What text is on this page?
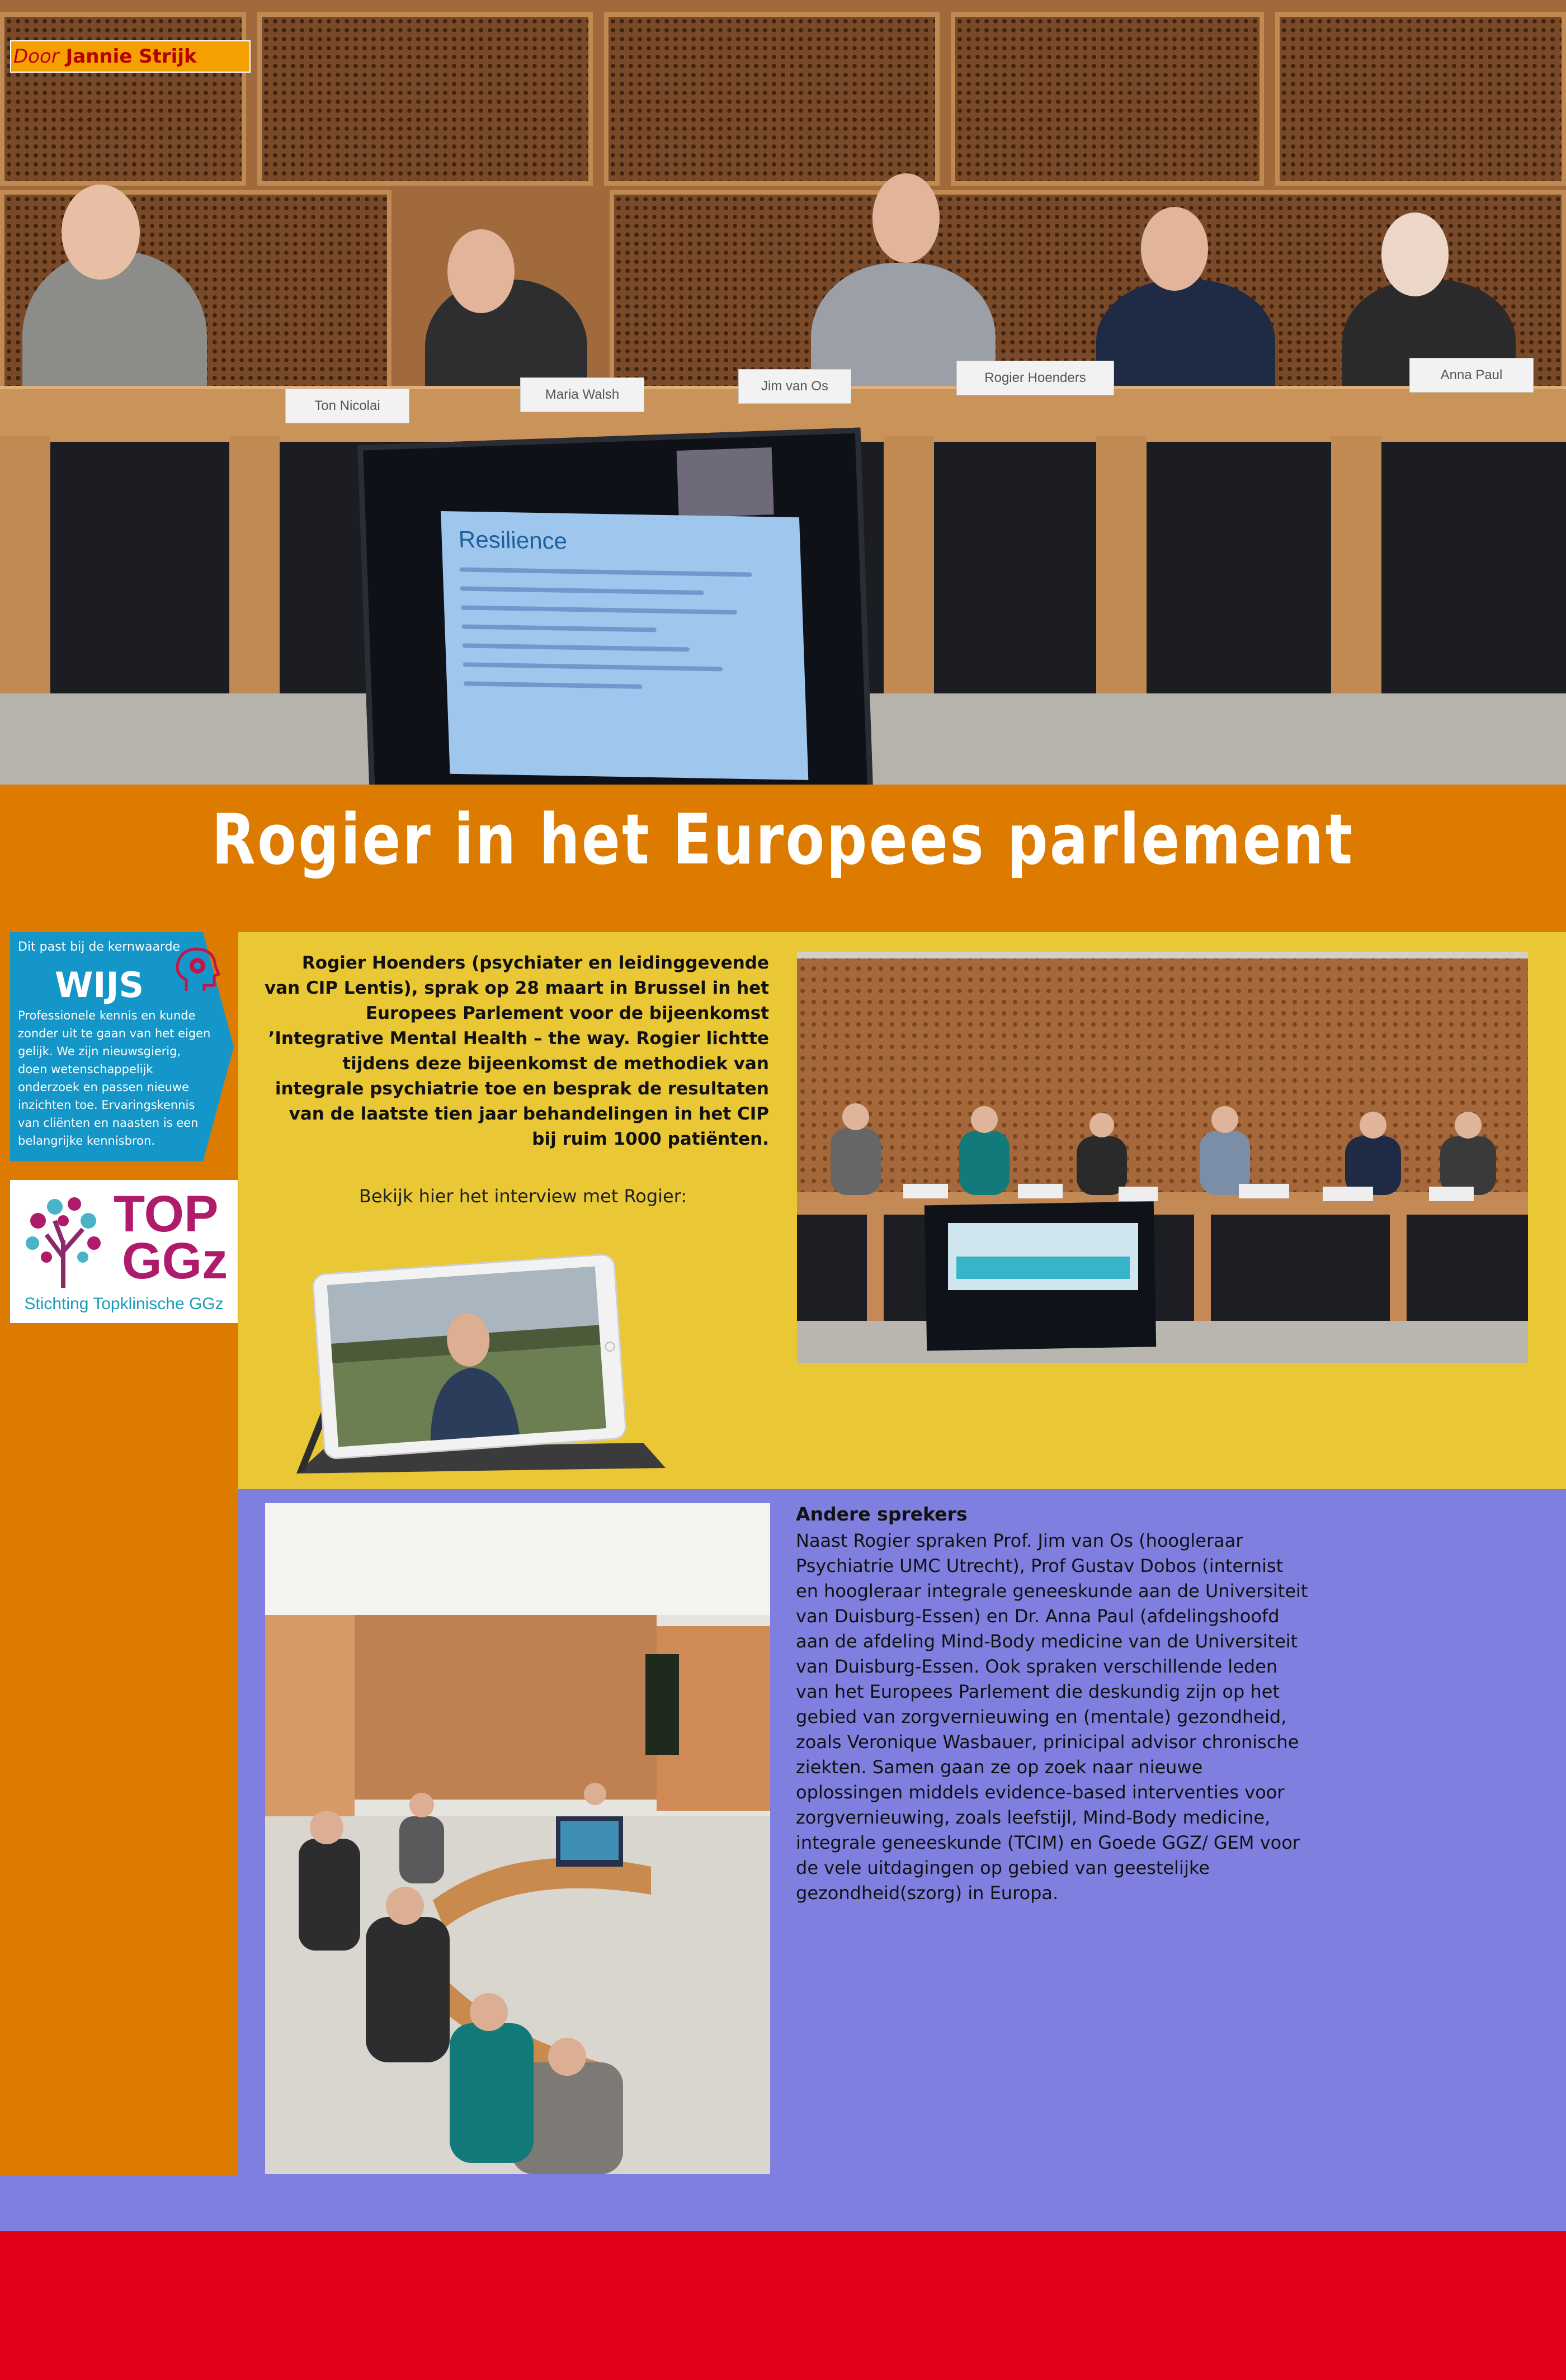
Ton Nicolai
Maria Walsh
Jim van Os
Rogier Hoenders	Anna Paul
Resilience
Door Jannie Strijk
Rogier in het Europees parlement
Dit past bij de kernwaarde
WIJS
Professionele kennis en kunde zonder uit te gaan van het eigen gelijk. We zijn nieuwsgierig, doen wetenschappelijk onderzoek en passen nieuwe inzichten toe. Ervaringskennis van cliënten en naasten is een belangrijke kennisbron.
TOP
GGz
Stichting Topklinische GGz
Rogier Hoenders (psychiater en leidinggevende van CIP Lentis), sprak op 28 maart in Brussel in het Europees Parlement voor de bijeenkomst ’Integrative Mental Health – the way. Rogier lichtte tijdens deze bijeenkomst de methodiek van integrale psychiatrie toe en besprak de resultaten van de laatste tien jaar behandelingen in het CIP bij ruim 1000 patiënten.
Bekijk hier het interview met Rogier:
Andere sprekers
Naast Rogier spraken Prof. Jim van Os (hoogleraar Psychiatrie UMC Utrecht), Prof Gustav Dobos (internist en hoogleraar integrale geneeskunde aan de Universiteit van Duisburg-Essen) en Dr. Anna Paul (afdelingshoofd aan de afdeling Mind-Body medicine van de Universiteit van Duisburg-Essen. Ook spraken verschillende leden van het Europees Parlement die deskundig zijn op het gebied van zorgvernieuwing en (mentale) gezondheid, zoals Veronique Wasbauer, prinicipal advisor chronische ziekten. Samen gaan ze op zoek naar nieuwe oplossingen middels evidence-based interventies voor zorgvernieuwing, zoals leefstijl, Mind-Body medicine, integrale geneeskunde (TCIM) en Goede GGZ/ GEM voor de vele uitdagingen op gebied van geestelijke gezondheid(szorg) in Europa.
